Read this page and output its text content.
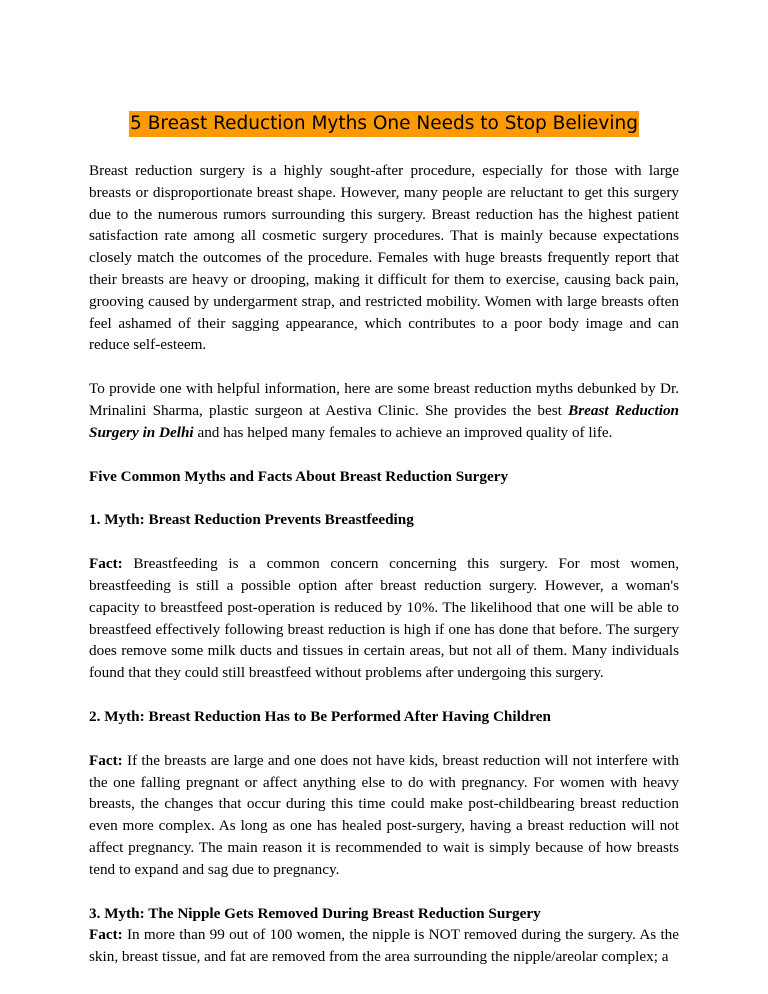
5 Breast Reduction Myths One Needs to Stop Believing

Breast reduction surgery is a highly sought-after procedure, especially for those with large breasts or disproportionate breast shape. However, many people are reluctant to get this surgery due to the numerous rumors surrounding this surgery. Breast reduction has the highest patient satisfaction rate among all cosmetic surgery procedures. That is mainly because expectations closely match the outcomes of the procedure. Females with huge breasts frequently report that their breasts are heavy or drooping, making it difficult for them to exercise, causing back pain, grooving caused by undergarment strap, and restricted mobility. Women with large breasts often feel ashamed of their sagging appearance, which contributes to a poor body image and can reduce self-esteem.

To provide one with helpful information, here are some breast reduction myths debunked by Dr. Mrinalini Sharma, plastic surgeon at Aestiva Clinic. She provides the best Breast Reduction Surgery in Delhi and has helped many females to achieve an improved quality of life.

Five Common Myths and Facts About Breast Reduction Surgery

1. Myth: Breast Reduction Prevents Breastfeeding

Fact: Breastfeeding is a common concern concerning this surgery. For most women, breastfeeding is still a possible option after breast reduction surgery. However, a woman's capacity to breastfeed post-operation is reduced by 10%. The likelihood that one will be able to breastfeed effectively following breast reduction is high if one has done that before. The surgery does remove some milk ducts and tissues in certain areas, but not all of them. Many individuals found that they could still breastfeed without problems after undergoing this surgery.

2. Myth: Breast Reduction Has to Be Performed After Having Children

Fact: If the breasts are large and one does not have kids, breast reduction will not interfere with the one falling pregnant or affect anything else to do with pregnancy. For women with heavy breasts, the changes that occur during this time could make post-childbearing breast reduction even more complex. As long as one has healed post-surgery, having a breast reduction will not affect pregnancy. The main reason it is recommended to wait is simply because of how breasts tend to expand and sag due to pregnancy.

3. Myth: The Nipple Gets Removed During Breast Reduction Surgery

Fact: In more than 99 out of 100 women, the nipple is NOT removed during the surgery. As the skin, breast tissue, and fat are removed from the area surrounding the nipple/areolar complex; a
